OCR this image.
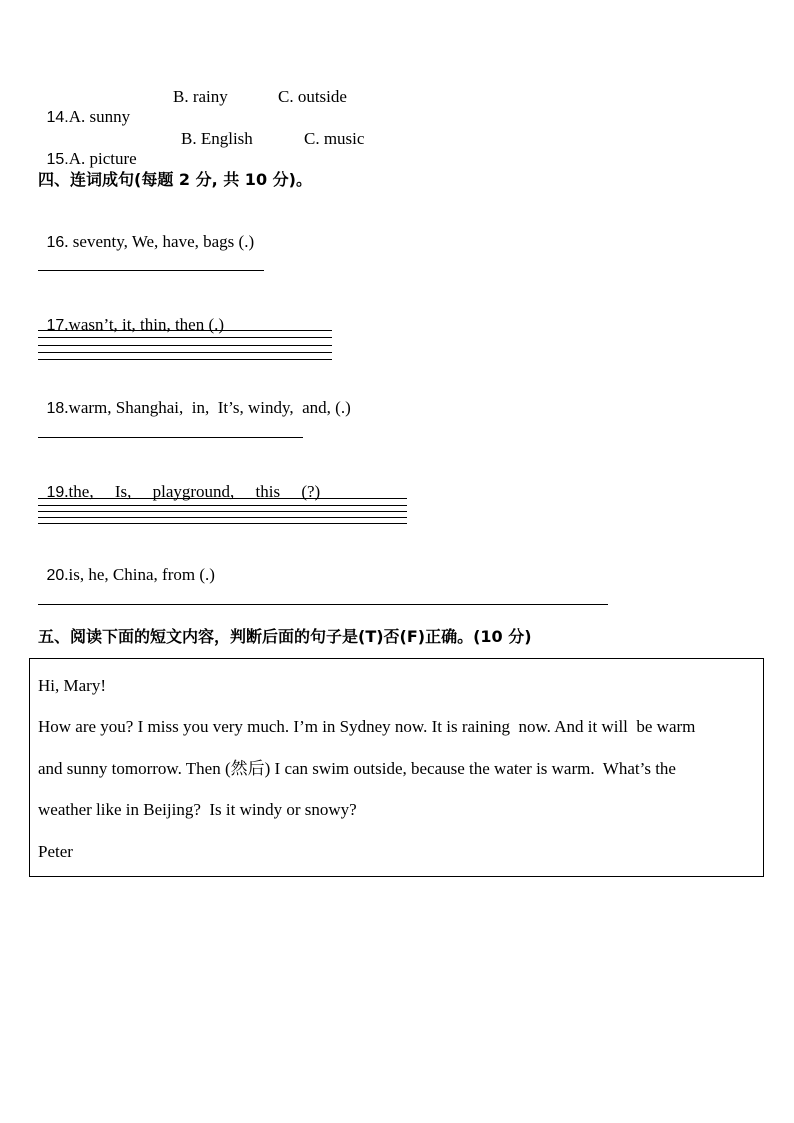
14.A. sunny

B. rainy	C. outside

15.A. picture

B. English	C. music
四、连词成句(每题 2 分, 共 10 分)。

16. seventy, We, have, bags (.)

17.wasn’t, it, thin, then (.)

18.warm, Shanghai,  in,  It’s, windy,  and, (.)

19.the,     Is,     playground,     this     (?)

20.is, he, China, from (.)

五、阅读下面的短文内容，判断后面的句子是(T)否(F)正确。(10 分)
Hi, Mary!
How are you? I miss you very much. I’m in Sydney now. It is raining  now. And it will  be warm
and sunny tomorrow. Then (然后) I can swim outside, because the water is warm.  What’s the
weather like in Beijing?  Is it windy or snowy?
Peter
